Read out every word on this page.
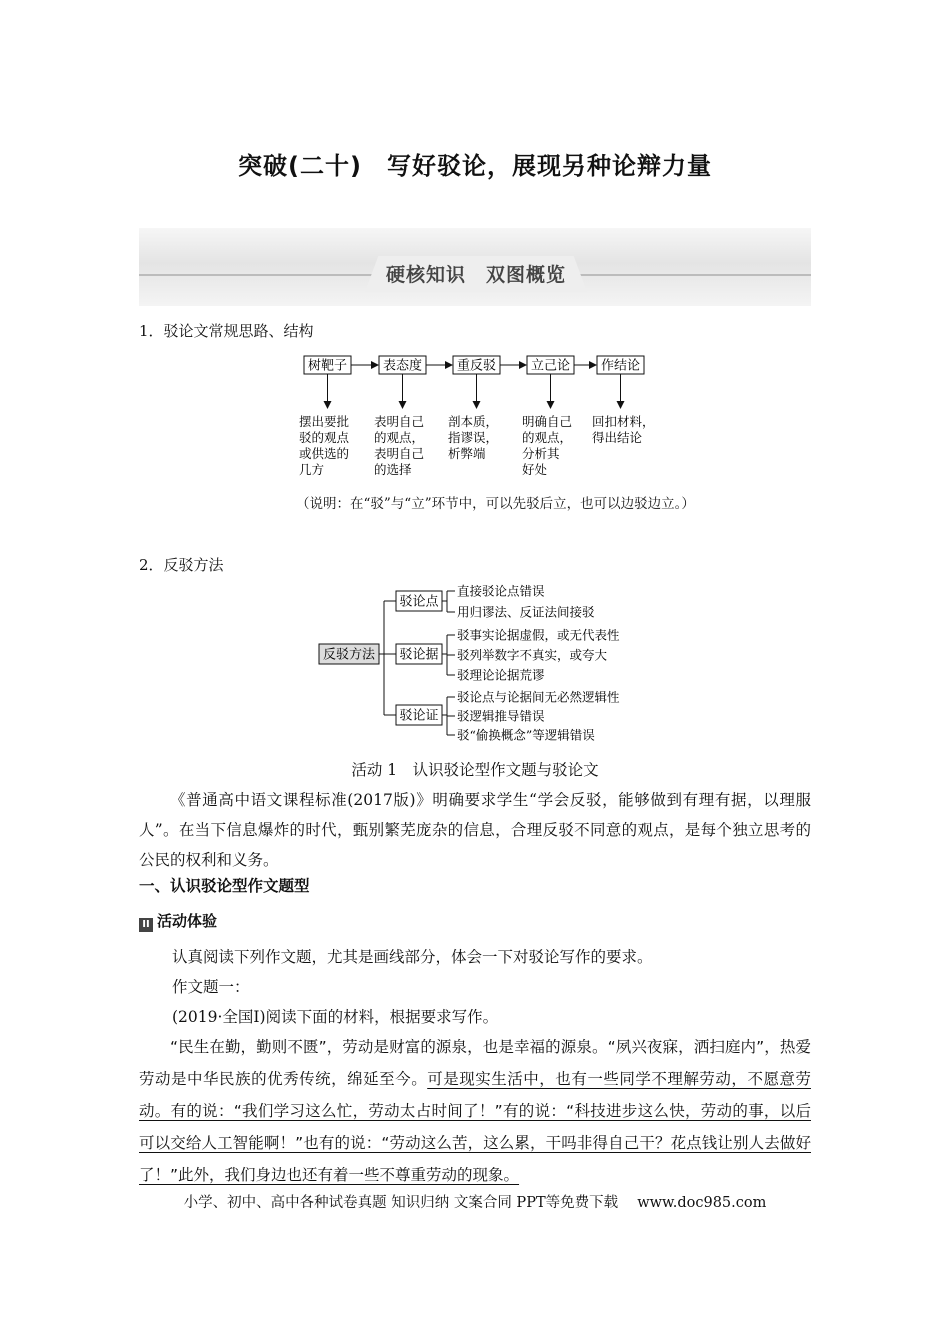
突破(二十)　写好驳论，展现另种论辩力量
硬核知识　双图概览
1．驳论文常规思路、结构
树靶子
摆出要批
驳的观点
或供选的
几方
表态度
表明自己
的观点，
表明自己
的选择
重反驳
剖本质，
指谬误，
析弊端
立己论
明确自己
的观点，
分析其
好处
作结论
回扣材料，
得出结论
（说明：在“驳”与“立”环节中，可以先驳后立，也可以边驳边立。）
2．反驳方法
反驳方法
驳论点
直接驳论点错误
用归谬法、反证法间接驳
驳论据
驳事实论据虚假，或无代表性
驳列举数字不真实，或夸大
驳理论论据荒谬
驳论证
驳论点与论据间无必然逻辑性
驳逻辑推导错误
驳“偷换概念”等逻辑错误
活动 1　认识驳论型作文题与驳论文
《普通高中语文课程标准(2017版)》明确要求学生“学会反驳，能够做到有理有据，以理服人”。在当下信息爆炸的时代，甄别繁芜庞杂的信息，合理反驳不同意的观点，是每个独立思考的公民的权利和义务。
一、认识驳论型作文题型
II 活动体验
认真阅读下列作文题，尤其是画线部分，体会一下对驳论写作的要求。
作文题一：
(2019·全国Ⅰ)阅读下面的材料，根据要求写作。
“民生在勤，勤则不匮”，劳动是财富的源泉，也是幸福的源泉。“夙兴夜寐，洒扫庭内”，热爱劳动是中华民族的优秀传统，绵延至今。可是现实生活中，也有一些同学不理解劳动，不愿意劳动。有的说：“我们学习这么忙，劳动太占时间了！”有的说：“科技进步这么快，劳动的事，以后可以交给人工智能啊！”也有的说：“劳动这么苦，这么累，干吗非得自己干？花点钱让别人去做好了！”此外，我们身边也还有着一些不尊重劳动的现象。
小学、初中、高中各种试卷真题 知识归纳 文案合同 PPT等免费下载　 www.doc985.com
